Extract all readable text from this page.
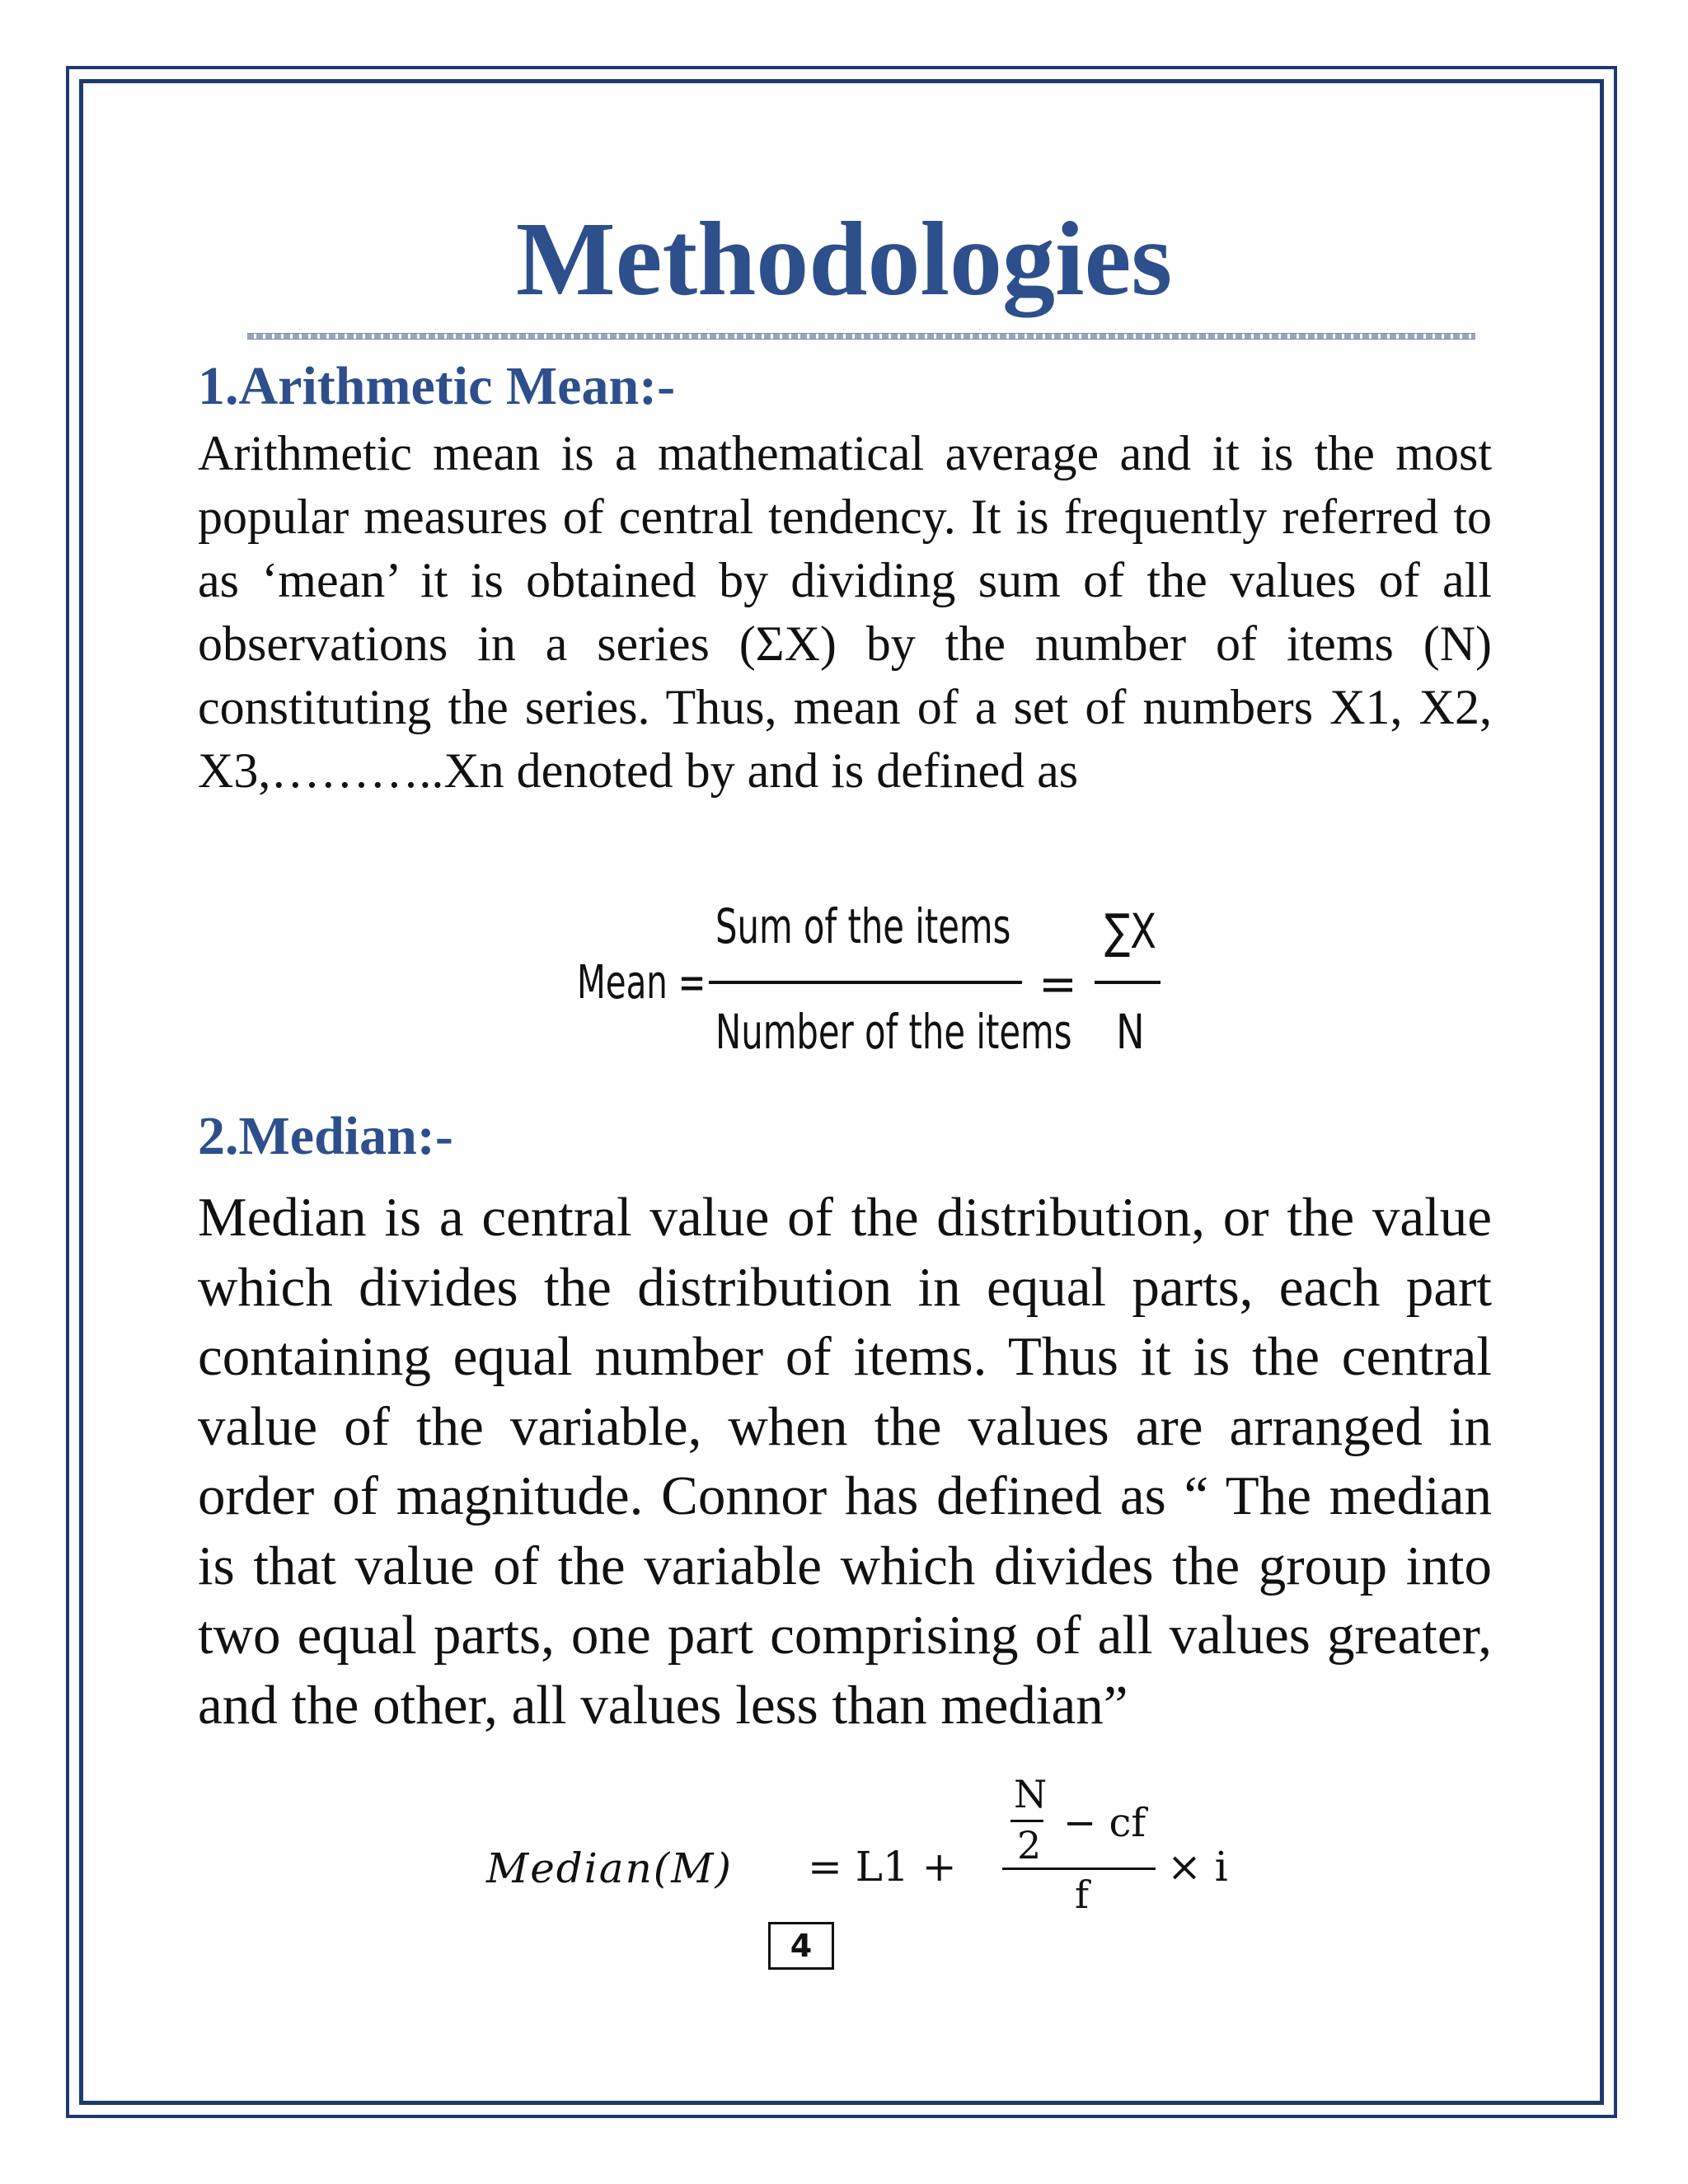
Methodologies
1.Arithmetic Mean:-

Arithmetic mean is a mathematical average and it is the most popular measures of central tendency. It is frequently referred to as ‘mean’ it is obtained by dividing sum of the values of all observations in a series (ΣX) by the number of items (N) constituting the series. Thus, mean of a set of numbers X1, X2, X3,………..Xn denoted by and is defined as

Mean =
Sum of the items
Number of the items
=
∑X
N
2.Median:-

Median is a central value of the distribution, or the value which divides the distribution in equal parts, each part containing equal number of items. Thus it is the central value of the variable, when the values are arranged in order of magnitude. Connor has defined as “ The median is that value of the variable which divides the group into two equal parts, one part comprising of all values greater, and the other, all values less than median”

Median(M) = L1 +
N
2 − cf
f
× i
4
